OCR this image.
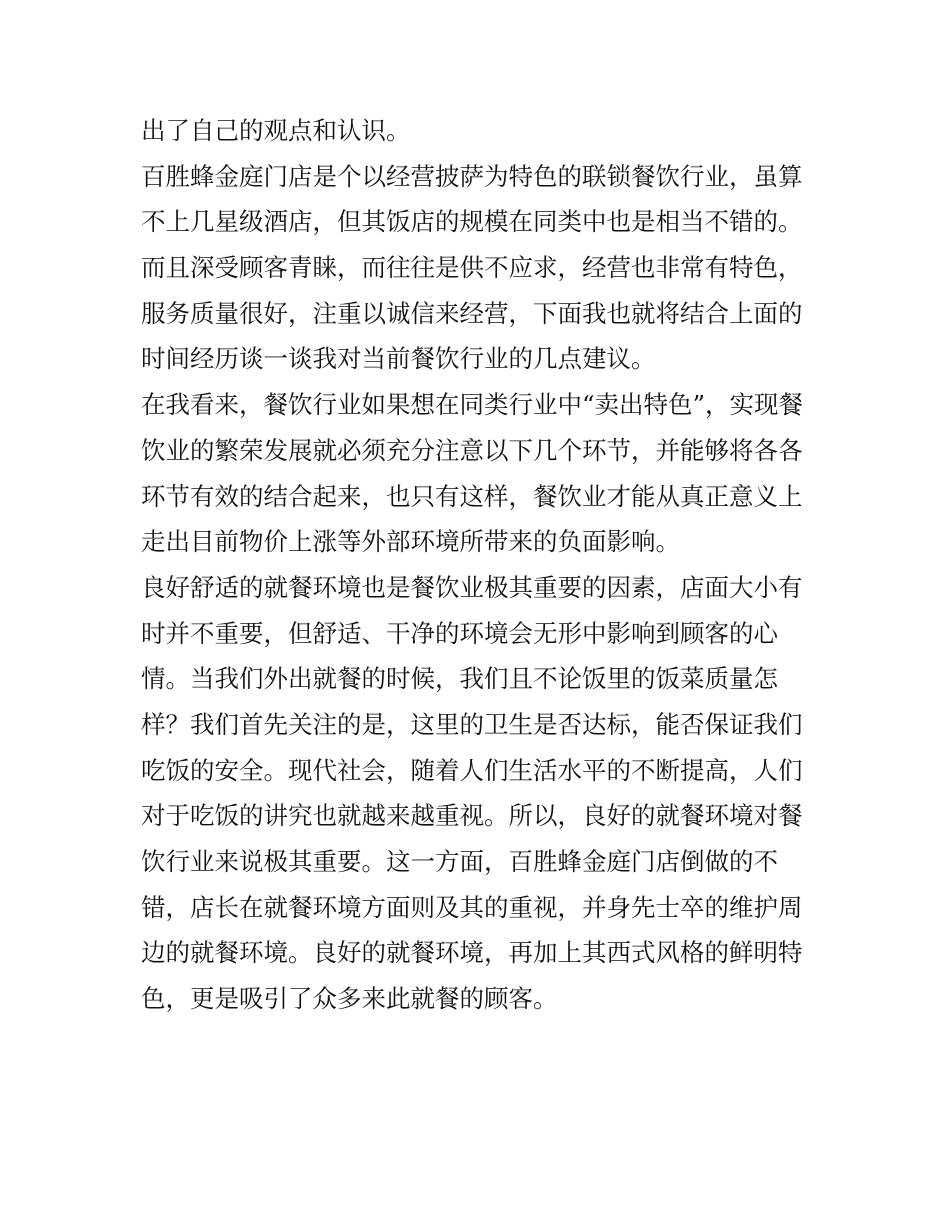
出了自己的观点和认识。
百胜蜂金庭门店是个以经营披萨为特色的联锁餐饮行业，虽算
不上几星级酒店，但其饭店的规模在同类中也是相当不错的。
而且深受顾客青睐，而往往是供不应求，经营也非常有特色，
服务质量很好，注重以诚信来经营，下面我也就将结合上面的
时间经历谈一谈我对当前餐饮行业的几点建议。
在我看来，餐饮行业如果想在同类行业中“卖出特色”，实现餐
饮业的繁荣发展就必须充分注意以下几个环节，并能够将各各
环节有效的结合起来，也只有这样，餐饮业才能从真正意义上
走出目前物价上涨等外部环境所带来的负面影响。
良好舒适的就餐环境也是餐饮业极其重要的因素，店面大小有
时并不重要，但舒适、干净的环境会无形中影响到顾客的心
情。当我们外出就餐的时候，我们且不论饭里的饭菜质量怎
样？我们首先关注的是，这里的卫生是否达标，能否保证我们
吃饭的安全。现代社会，随着人们生活水平的不断提高，人们
对于吃饭的讲究也就越来越重视。所以，良好的就餐环境对餐
饮行业来说极其重要。这一方面，百胜蜂金庭门店倒做的不
错，店长在就餐环境方面则及其的重视，并身先士卒的维护周
边的就餐环境。良好的就餐环境，再加上其西式风格的鲜明特
色，更是吸引了众多来此就餐的顾客。
